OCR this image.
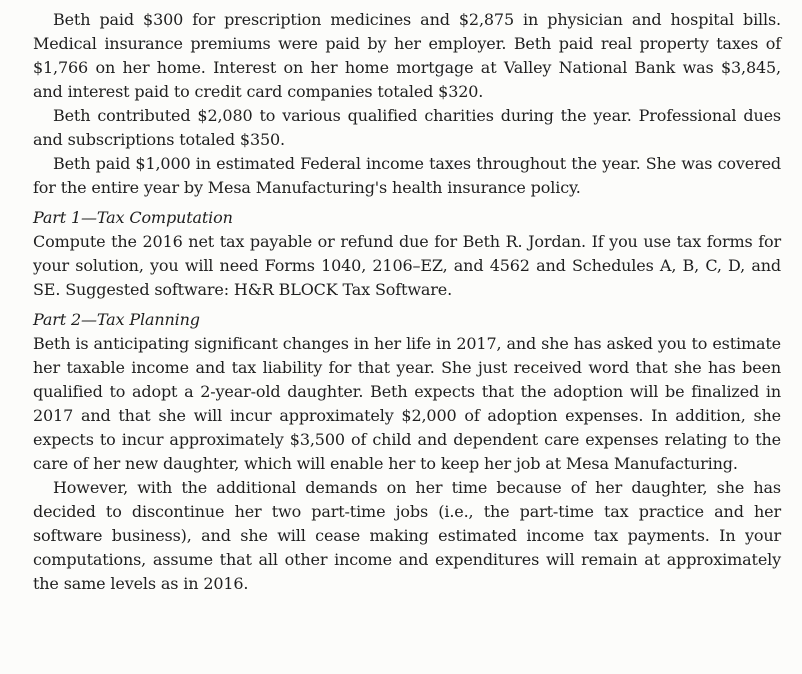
Beth paid $300 for prescription medicines and $2,875 in physician and hospital bills. Medical insurance premiums were paid by her employer. Beth paid real property taxes of $1,766 on her home. Interest on her home mortgage at Valley National Bank was $3,845, and interest paid to credit card companies totaled $320.

Beth contributed $2,080 to various qualified charities during the year. Professional dues and subscriptions totaled $350.

Beth paid $1,000 in estimated Federal income taxes throughout the year. She was covered for the entire year by Mesa Manufacturing's health insurance policy.

Part 1—Tax Computation

Compute the 2016 net tax payable or refund due for Beth R. Jordan. If you use tax forms for your solution, you will need Forms 1040, 2106–EZ, and 4562 and Schedules A, B, C, D, and SE. Suggested software: H&R BLOCK Tax Software.

Part 2—Tax Planning

Beth is anticipating significant changes in her life in 2017, and she has asked you to estimate her taxable income and tax liability for that year. She just received word that she has been qualified to adopt a 2-year-old daughter. Beth expects that the adoption will be finalized in 2017 and that she will incur approximately $2,000 of adoption expenses. In addition, she expects to incur approximately $3,500 of child and dependent care expenses relating to the care of her new daughter, which will enable her to keep her job at Mesa Manufacturing.

However, with the additional demands on her time because of her daughter, she has decided to discontinue her two part-time jobs (i.e., the part-time tax practice and her software business), and she will cease making estimated income tax payments. In your computations, assume that all other income and expenditures will remain at approximately the same levels as in 2016.
